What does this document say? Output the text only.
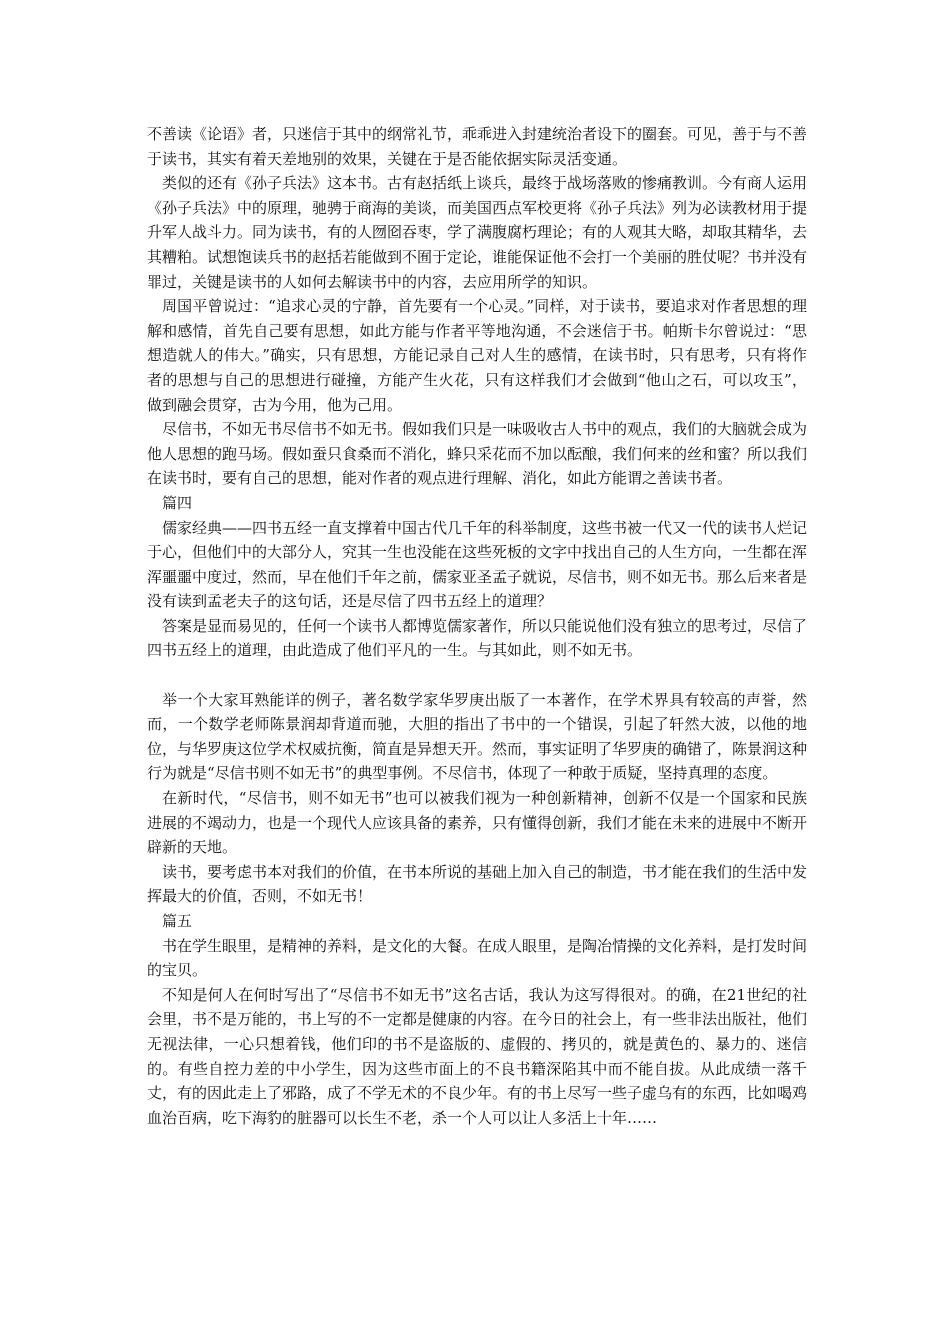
不善读《论语》者，只迷信于其中的纲常礼节，乖乖进入封建统治者设下的圈套。可见，善于与不善于读书，其实有着天差地别的效果，关键在于是否能依据实际灵活变通。

类似的还有《孙子兵法》这本书。古有赵括纸上谈兵，最终于战场落败的惨痛教训。今有商人运用《孙子兵法》中的原理，驰骋于商海的美谈，而美国西点军校更将《孙子兵法》列为必读教材用于提升军人战斗力。同为读书，有的人囫囵吞枣，学了满腹腐朽理论；有的人观其大略，却取其精华，去其糟粕。试想饱读兵书的赵括若能做到不囿于定论，谁能保证他不会打一个美丽的胜仗呢？书并没有罪过，关键是读书的人如何去解读书中的内容，去应用所学的知识。

周国平曾说过：“追求心灵的宁静，首先要有一个心灵。”同样，对于读书，要追求对作者思想的理解和感情，首先自己要有思想，如此方能与作者平等地沟通，不会迷信于书。帕斯卡尔曾说过：“思想造就人的伟大。”确实，只有思想，方能记录自己对人生的感情，在读书时，只有思考，只有将作者的思想与自己的思想进行碰撞，方能产生火花，只有这样我们才会做到“他山之石，可以攻玉”，做到融会贯穿，古为今用，他为己用。

尽信书，不如无书尽信书不如无书。假如我们只是一味吸收古人书中的观点，我们的大脑就会成为他人思想的跑马场。假如蚕只食桑而不消化，蜂只采花而不加以酝酿，我们何来的丝和蜜？所以我们在读书时，要有自己的思想，能对作者的观点进行理解、消化，如此方能谓之善读书者。

篇四

儒家经典——四书五经一直支撑着中国古代几千年的科举制度，这些书被一代又一代的读书人烂记于心，但他们中的大部分人，究其一生也没能在这些死板的文字中找出自己的人生方向，一生都在浑浑噩噩中度过，然而，早在他们千年之前，儒家亚圣孟子就说，尽信书，则不如无书。那么后来者是没有读到孟老夫子的这句话，还是尽信了四书五经上的道理？

答案是显而易见的，任何一个读书人都博览儒家著作，所以只能说他们没有独立的思考过，尽信了四书五经上的道理，由此造成了他们平凡的一生。与其如此，则不如无书。

举一个大家耳熟能详的例子，著名数学家华罗庚出版了一本著作，在学术界具有较高的声誉，然而，一个数学老师陈景润却背道而驰，大胆的指出了书中的一个错误，引起了轩然大波，以他的地位，与华罗庚这位学术权威抗衡，简直是异想天开。然而，事实证明了华罗庚的确错了，陈景润这种行为就是“尽信书则不如无书”的典型事例。不尽信书，体现了一种敢于质疑，坚持真理的态度。

在新时代，“尽信书，则不如无书”也可以被我们视为一种创新精神，创新不仅是一个国家和民族进展的不竭动力，也是一个现代人应该具备的素养，只有懂得创新，我们才能在未来的进展中不断开辟新的天地。

读书，要考虑书本对我们的价值，在书本所说的基础上加入自己的制造，书才能在我们的生活中发挥最大的价值，否则，不如无书！

篇五

书在学生眼里，是精神的养料，是文化的大餐。在成人眼里，是陶冶情操的文化养料，是打发时间的宝贝。

不知是何人在何时写出了“尽信书不如无书”这名古话，我认为这写得很对。的确，在21世纪的社会里，书不是万能的，书上写的不一定都是健康的内容。在今日的社会上，有一些非法出版社，他们无视法律，一心只想着钱，他们印的书不是盗版的、虚假的、拷贝的，就是黄色的、暴力的、迷信的。有些自控力差的中小学生，因为这些市面上的不良书籍深陷其中而不能自拔。从此成绩一落千丈，有的因此走上了邪路，成了不学无术的不良少年。有的书上尽写一些子虚乌有的东西，比如喝鸡血治百病，吃下海豹的脏器可以长生不老，杀一个人可以让人多活上十年……
